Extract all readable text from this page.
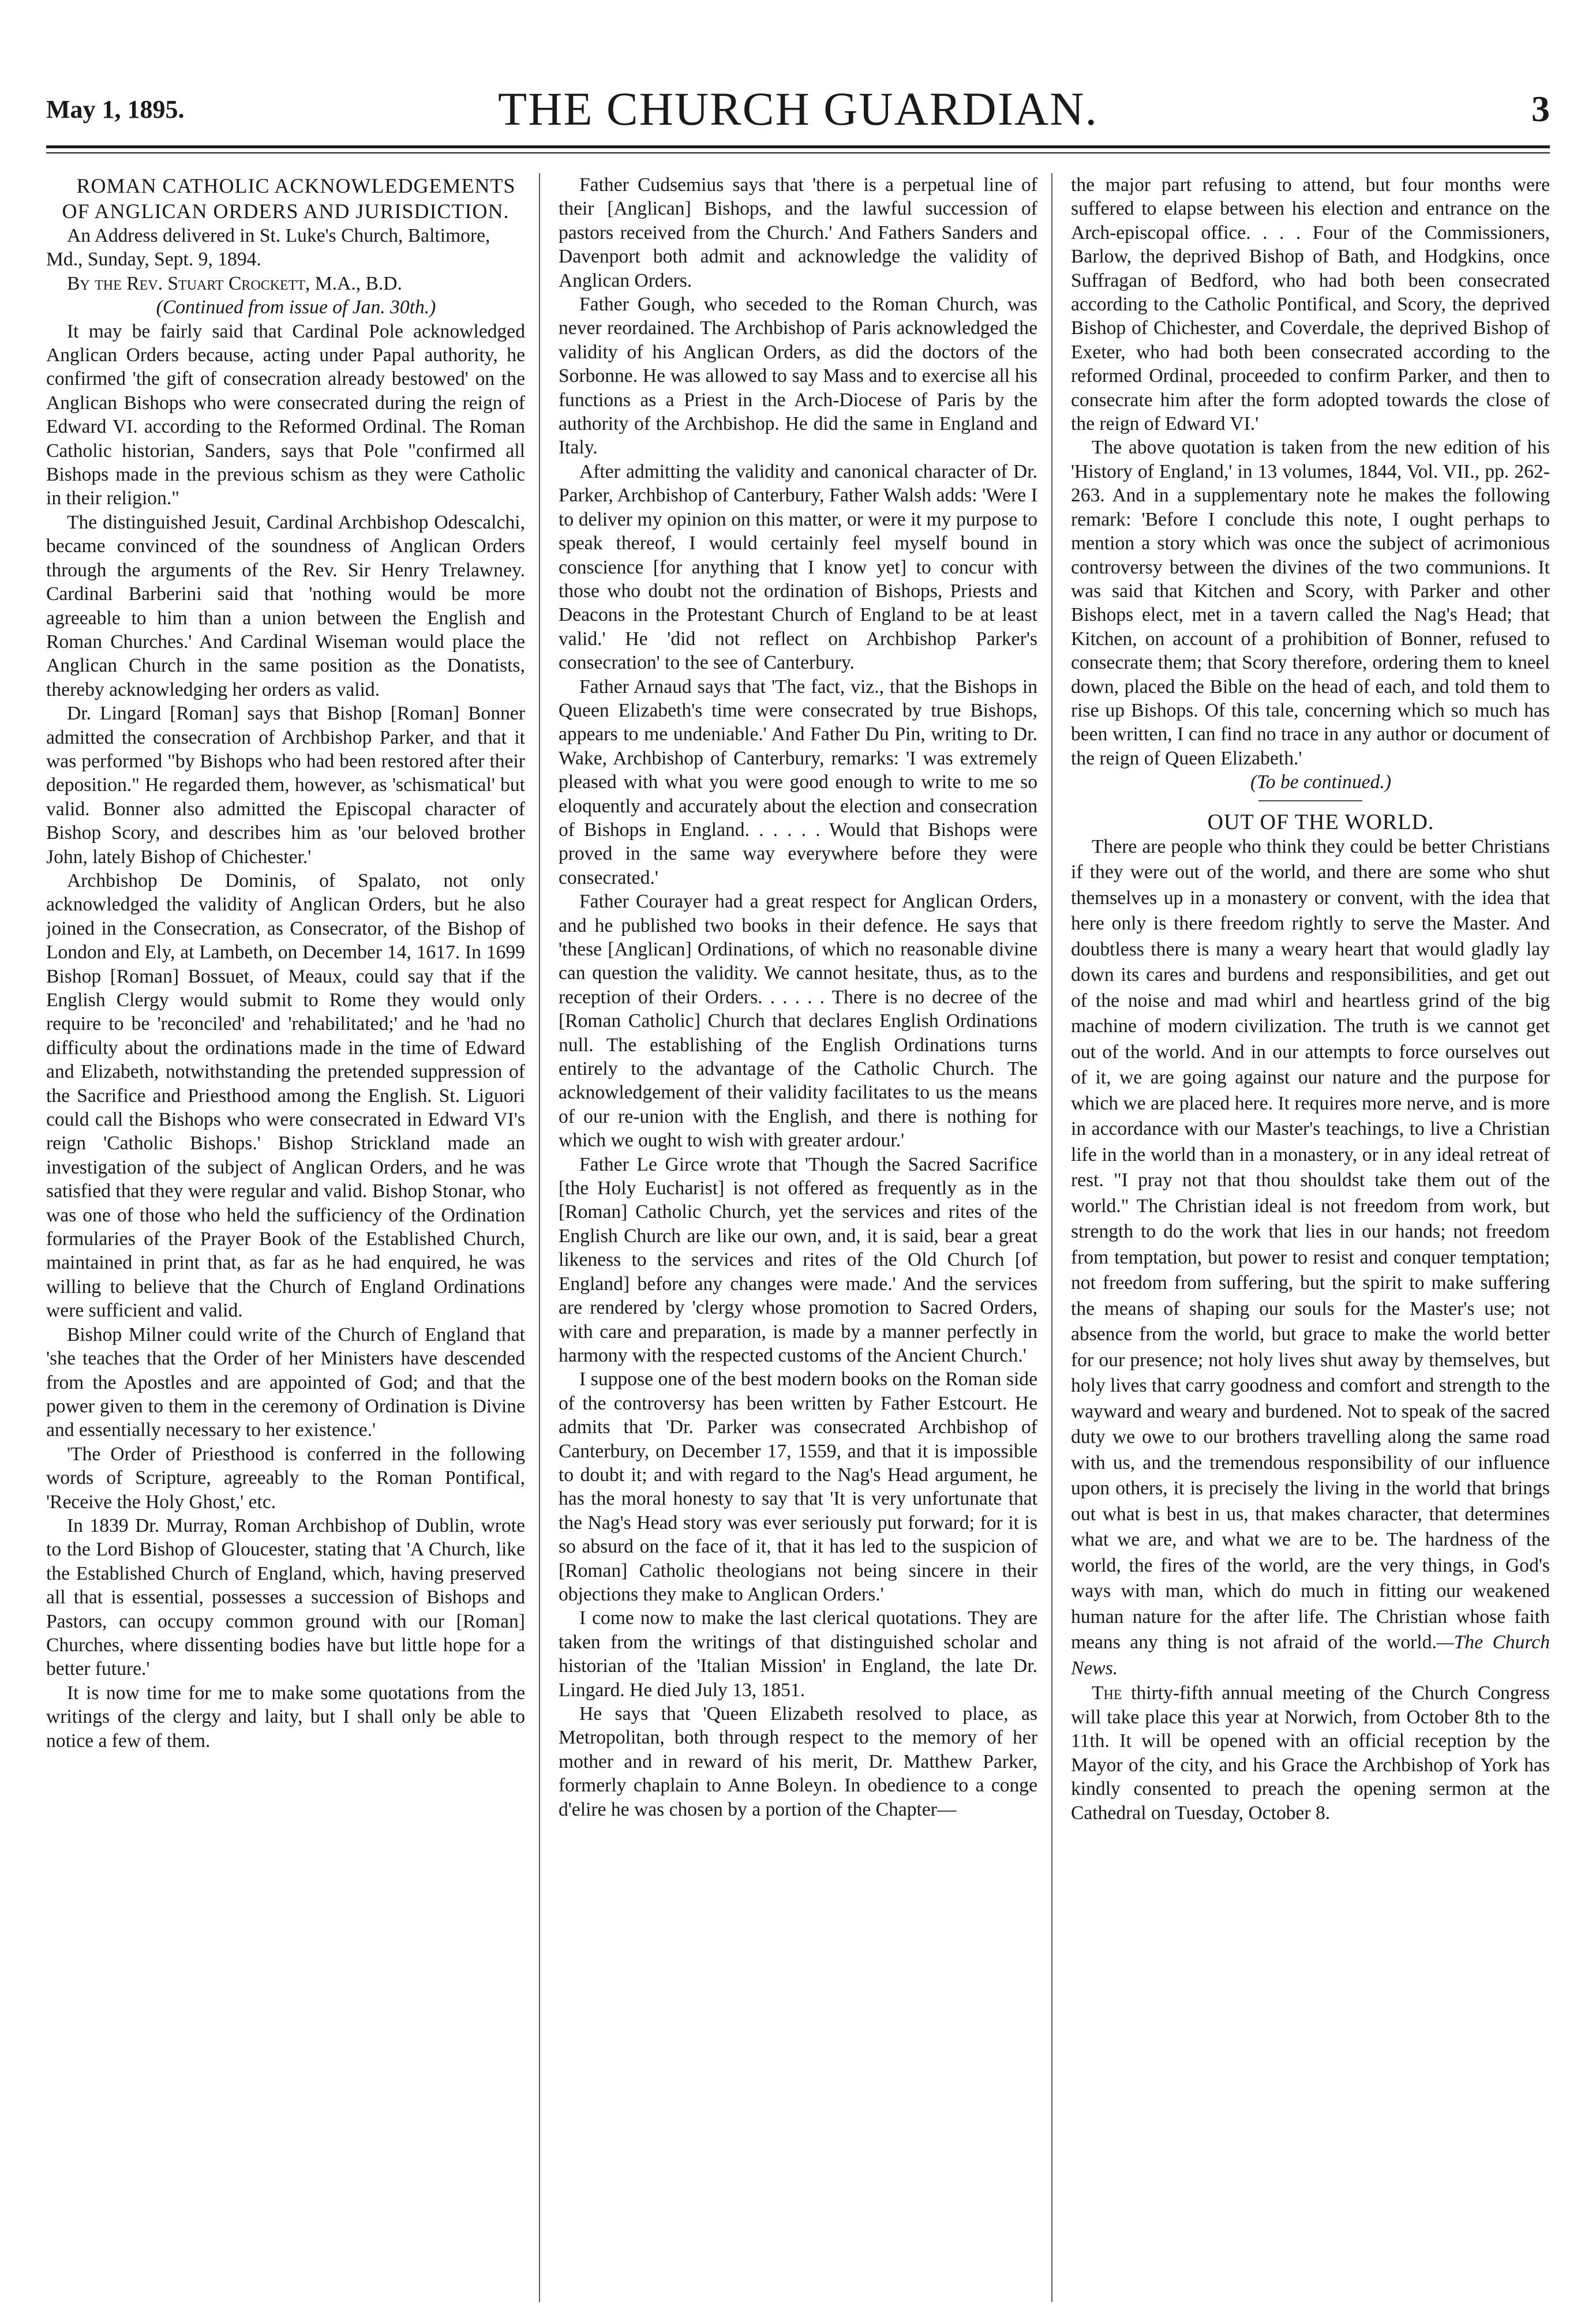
May 1, 1895.	THE CHURCH GUARDIAN.	3

ROMAN CATHOLIC ACKNOWLEDGEMENTS OF ANGLICAN ORDERS AND JURISDICTION.

An Address delivered in St. Luke's Church, Baltimore, Md., Sunday, Sept. 9, 1894.

By the Rev. Stuart Crockett, M.A., B.D.

(Continued from issue of Jan. 30th.)

It may be fairly said that Cardinal Pole acknowledged Anglican Orders because, acting under Papal authority, he confirmed 'the gift of consecration already bestowed' on the Anglican Bishops who were consecrated during the reign of Edward VI. according to the Reformed Ordinal. The Roman Catholic historian, Sanders, says that Pole "confirmed all Bishops made in the previous schism as they were Catholic in their religion."

The distinguished Jesuit, Cardinal Archbishop Odescalchi, became convinced of the soundness of Anglican Orders through the arguments of the Rev. Sir Henry Trelawney. Cardinal Barberini said that 'nothing would be more agreeable to him than a union between the English and Roman Churches.' And Cardinal Wiseman would place the Anglican Church in the same position as the Donatists, thereby acknowledging her orders as valid.

Dr. Lingard [Roman] says that Bishop [Roman] Bonner admitted the consecration of Archbishop Parker, and that it was performed "by Bishops who had been restored after their deposition." He regarded them, however, as 'schismatical' but valid. Bonner also admitted the Episcopal character of Bishop Scory, and describes him as 'our beloved brother John, lately Bishop of Chichester.'

Archbishop De Dominis, of Spalato, not only acknowledged the validity of Anglican Orders, but he also joined in the Consecration, as Consecrator, of the Bishop of London and Ely, at Lambeth, on December 14, 1617. In 1699 Bishop [Roman] Bossuet, of Meaux, could say that if the English Clergy would submit to Rome they would only require to be 'reconciled' and 'rehabilitated;' and he 'had no difficulty about the ordinations made in the time of Edward and Elizabeth, notwithstanding the pretended suppression of the Sacrifice and Priesthood among the English. St. Liguori could call the Bishops who were consecrated in Edward VI's reign 'Catholic Bishops.' Bishop Strickland made an investigation of the subject of Anglican Orders, and he was satisfied that they were regular and valid. Bishop Stonar, who was one of those who held the sufficiency of the Ordination formularies of the Prayer Book of the Established Church, maintained in print that, as far as he had enquired, he was willing to believe that the Church of England Ordinations were sufficient and valid.

Bishop Milner could write of the Church of England that 'she teaches that the Order of her Ministers have descended from the Apostles and are appointed of God; and that the power given to them in the ceremony of Ordination is Divine and essentially necessary to her existence.'

'The Order of Priesthood is conferred in the following words of Scripture, agreeably to the Roman Pontifical, 'Receive the Holy Ghost,' etc.

In 1839 Dr. Murray, Roman Archbishop of Dublin, wrote to the Lord Bishop of Gloucester, stating that 'A Church, like the Established Church of England, which, having preserved all that is essential, possesses a succession of Bishops and Pastors, can occupy common ground with our [Roman] Churches, where dissenting bodies have but little hope for a better future.'

It is now time for me to make some quotations from the writings of the clergy and laity, but I shall only be able to notice a few of them.

Father Cudsemius says that 'there is a perpetual line of their [Anglican] Bishops, and the lawful succession of pastors received from the Church.' And Fathers Sanders and Davenport both admit and acknowledge the validity of Anglican Orders.

Father Gough, who seceded to the Roman Church, was never reordained. The Archbishop of Paris acknowledged the validity of his Anglican Orders, as did the doctors of the Sorbonne. He was allowed to say Mass and to exercise all his functions as a Priest in the Arch-Diocese of Paris by the authority of the Archbishop. He did the same in England and Italy.

After admitting the validity and canonical character of Dr. Parker, Archbishop of Canterbury, Father Walsh adds: 'Were I to deliver my opinion on this matter, or were it my purpose to speak thereof, I would certainly feel myself bound in conscience [for anything that I know yet] to concur with those who doubt not the ordination of Bishops, Priests and Deacons in the Protestant Church of England to be at least valid.' He 'did not reflect on Archbishop Parker's consecration' to the see of Canterbury.

Father Arnaud says that 'The fact, viz., that the Bishops in Queen Elizabeth's time were consecrated by true Bishops, appears to me undeniable.' And Father Du Pin, writing to Dr. Wake, Archbishop of Canterbury, remarks: 'I was extremely pleased with what you were good enough to write to me so eloquently and accurately about the election and consecration of Bishops in England. . . . . . Would that Bishops were proved in the same way everywhere before they were consecrated.'

Father Courayer had a great respect for Anglican Orders, and he published two books in their defence. He says that 'these [Anglican] Ordinations, of which no reasonable divine can question the validity. We cannot hesitate, thus, as to the reception of their Orders. . . . . . There is no decree of the [Roman Catholic] Church that declares English Ordinations null. The establishing of the English Ordinations turns entirely to the advantage of the Catholic Church. The acknowledgement of their validity facilitates to us the means of our re-union with the English, and there is nothing for which we ought to wish with greater ardour.'

Father Le Girce wrote that 'Though the Sacred Sacrifice [the Holy Eucharist] is not offered as frequently as in the [Roman] Catholic Church, yet the services and rites of the English Church are like our own, and, it is said, bear a great likeness to the services and rites of the Old Church [of England] before any changes were made.' And the services are rendered by 'clergy whose promotion to Sacred Orders, with care and preparation, is made by a manner perfectly in harmony with the respected customs of the Ancient Church.'

I suppose one of the best modern books on the Roman side of the controversy has been written by Father Estcourt. He admits that 'Dr. Parker was consecrated Archbishop of Canterbury, on December 17, 1559, and that it is impossible to doubt it; and with regard to the Nag's Head argument, he has the moral honesty to say that 'It is very unfortunate that the Nag's Head story was ever seriously put forward; for it is so absurd on the face of it, that it has led to the suspicion of [Roman] Catholic theologians not being sincere in their objections they make to Anglican Orders.'

I come now to make the last clerical quotations. They are taken from the writings of that distinguished scholar and historian of the 'Italian Mission' in England, the late Dr. Lingard. He died July 13, 1851.

He says that 'Queen Elizabeth resolved to place, as Metropolitan, both through respect to the memory of her mother and in reward of his merit, Dr. Matthew Parker, formerly chaplain to Anne Boleyn. In obedience to a conge d'elire he was chosen by a portion of the Chapter—

the major part refusing to attend, but four months were suffered to elapse between his election and entrance on the Arch-episcopal office. . . . Four of the Commissioners, Barlow, the deprived Bishop of Bath, and Hodgkins, once Suffragan of Bedford, who had both been consecrated according to the Catholic Pontifical, and Scory, the deprived Bishop of Chichester, and Coverdale, the deprived Bishop of Exeter, who had both been consecrated according to the reformed Ordinal, proceeded to confirm Parker, and then to consecrate him after the form adopted towards the close of the reign of Edward VI.'

The above quotation is taken from the new edition of his 'History of England,' in 13 volumes, 1844, Vol. VII., pp. 262-263. And in a supplementary note he makes the following remark: 'Before I conclude this note, I ought perhaps to mention a story which was once the subject of acrimonious controversy between the divines of the two communions. It was said that Kitchen and Scory, with Parker and other Bishops elect, met in a tavern called the Nag's Head; that Kitchen, on account of a prohibition of Bonner, refused to consecrate them; that Scory therefore, ordering them to kneel down, placed the Bible on the head of each, and told them to rise up Bishops. Of this tale, concerning which so much has been written, I can find no trace in any author or document of the reign of Queen Elizabeth.'

(To be continued.)

OUT OF THE WORLD.

There are people who think they could be better Christians if they were out of the world, and there are some who shut themselves up in a monastery or convent, with the idea that here only is there freedom rightly to serve the Master. And doubtless there is many a weary heart that would gladly lay down its cares and burdens and responsibilities, and get out of the noise and mad whirl and heartless grind of the big machine of modern civilization. The truth is we cannot get out of the world. And in our attempts to force ourselves out of it, we are going against our nature and the purpose for which we are placed here. It requires more nerve, and is more in accordance with our Master's teachings, to live a Christian life in the world than in a monastery, or in any ideal retreat of rest. "I pray not that thou shouldst take them out of the world." The Christian ideal is not freedom from work, but strength to do the work that lies in our hands; not freedom from temptation, but power to resist and conquer temptation; not freedom from suffering, but the spirit to make suffering the means of shaping our souls for the Master's use; not absence from the world, but grace to make the world better for our presence; not holy lives shut away by themselves, but holy lives that carry goodness and comfort and strength to the wayward and weary and burdened. Not to speak of the sacred duty we owe to our brothers travelling along the same road with us, and the tremendous responsibility of our influence upon others, it is precisely the living in the world that brings out what is best in us, that makes character, that determines what we are, and what we are to be. The hardness of the world, the fires of the world, are the very things, in God's ways with man, which do much in fitting our weakened human nature for the after life. The Christian whose faith means any thing is not afraid of the world.—The Church News.

The thirty-fifth annual meeting of the Church Congress will take place this year at Norwich, from October 8th to the 11th. It will be opened with an official reception by the Mayor of the city, and his Grace the Archbishop of York has kindly consented to preach the opening sermon at the Cathedral on Tuesday, October 8.
